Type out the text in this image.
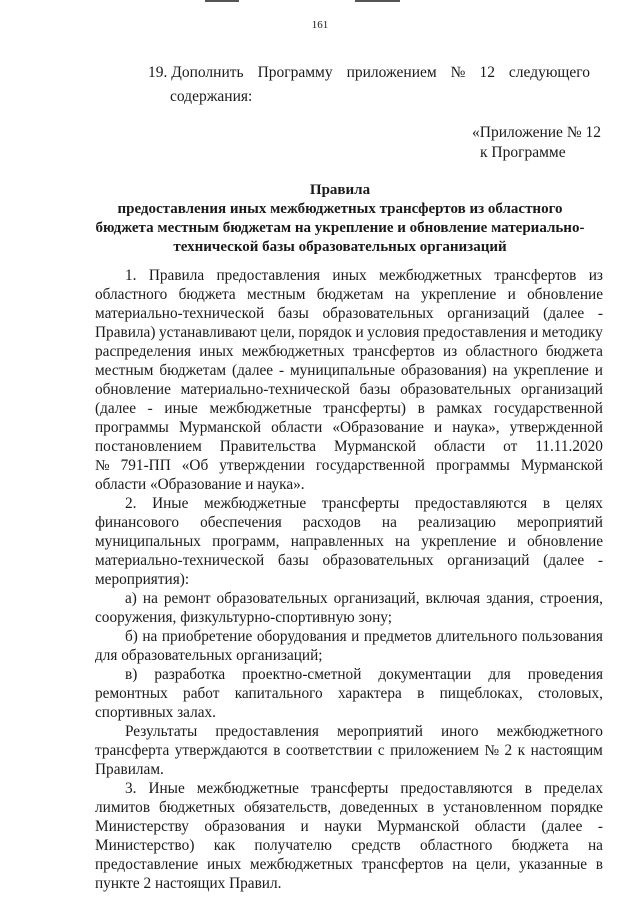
161
19. Дополнить Программу приложением № 12 следующего
содержания:
«Приложение № 12
к Программе
Правила
предоставления иных межбюджетных трансфертов из областного
бюджета местным бюджетам на укрепление и обновление материально-
технической базы образовательных организаций
1. Правила предоставления иных межбюджетных трансфертов из
областного бюджета местным бюджетам на укрепление и обновление
материально-технической базы образовательных организаций (далее -
Правила) устанавливают цели, порядок и условия предоставления и методику
распределения иных межбюджетных трансфертов из областного бюджета
местным бюджетам (далее - муниципальные образования) на укрепление и
обновление материально-технической базы образовательных организаций
(далее - иные межбюджетные трансферты) в рамках государственной
программы Мурманской области «Образование и наука», утвержденной
постановлением Правительства Мурманской области от 11.11.2020
№ 791-ПП «Об утверждении государственной программы Мурманской
области «Образование и наука».
2. Иные межбюджетные трансферты предоставляются в целях
финансового обеспечения расходов на реализацию мероприятий
муниципальных программ, направленных на укрепление и обновление
материально-технической базы образовательных организаций (далее -
мероприятия):
а) на ремонт образовательных организаций, включая здания, строения,
сооружения, физкультурно-спортивную зону;
б) на приобретение оборудования и предметов длительного пользования
для образовательных организаций;
в) разработка проектно-сметной документации для проведения
ремонтных работ капитального характера в пищеблоках, столовых,
спортивных залах.
Результаты предоставления мероприятий иного межбюджетного
трансферта утверждаются в соответствии с приложением № 2 к настоящим
Правилам.
3. Иные межбюджетные трансферты предоставляются в пределах
лимитов бюджетных обязательств, доведенных в установленном порядке
Министерству образования и науки Мурманской области (далее -
Министерство) как получателю средств областного бюджета на
предоставление иных межбюджетных трансфертов на цели, указанные в
пункте 2 настоящих Правил.
